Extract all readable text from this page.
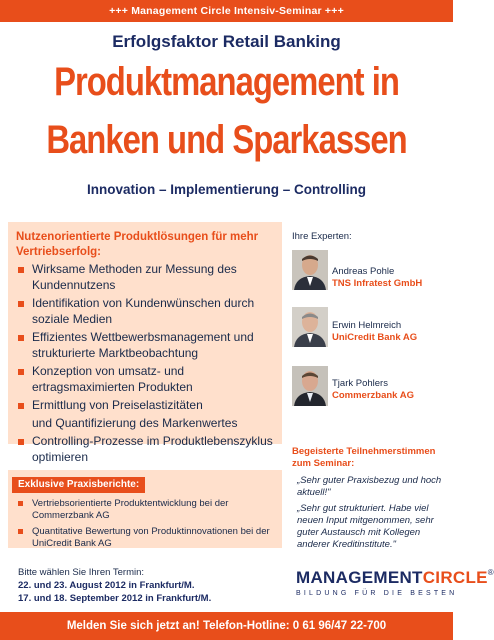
+++ Management Circle Intensiv-Seminar +++
Erfolgsfaktor Retail Banking
Produktmanagement in
Banken und Sparkassen
Innovation – Implementierung – Controlling
Nutzenorientierte Produktlösungen für mehr Vertriebserfolg:
Wirksame Methoden zur Messung des Kundennutzens
Identifikation von Kundenwünschen durch soziale Medien
Effizientes Wettbewerbsmanagement und strukturierte Marktbeobachtung
Konzeption von umsatz- und ertragsmaximierten Produkten
Ermittlung von Preiselastizitäten
und Quantifizierung des Markenwertes
Controlling-Prozesse im Produktlebenszyklus optimieren
Exklusive Praxisberichte:
Vertriebsorientierte Produktentwicklung bei der Commerzbank AG
Quantitative Bewertung von Produktinnovationen bei der UniCredit Bank AG
Bitte wählen Sie Ihren Termin:
22. und 23. August 2012 in Frankfurt/M.
17. und 18. September 2012 in Frankfurt/M.
Ihre Experten:
Andreas Pohle
TNS Infratest GmbH
Erwin Helmreich
UniCredit Bank AG
Tjark Pohlers
Commerzbank AG
Begeisterte Teilnehmerstimmen zum Seminar:
„Sehr guter Praxisbezug und hoch aktuell!"
„Sehr gut strukturiert. Habe viel neuen Input mitgenommen, sehr guter Austausch mit Kollegen anderer Kreditinstitute."
MANAGEMENTCIRCLE®
BILDUNG FÜR DIE BESTEN
Melden Sie sich jetzt an! Telefon-Hotline: 0 61 96/47 22-700
